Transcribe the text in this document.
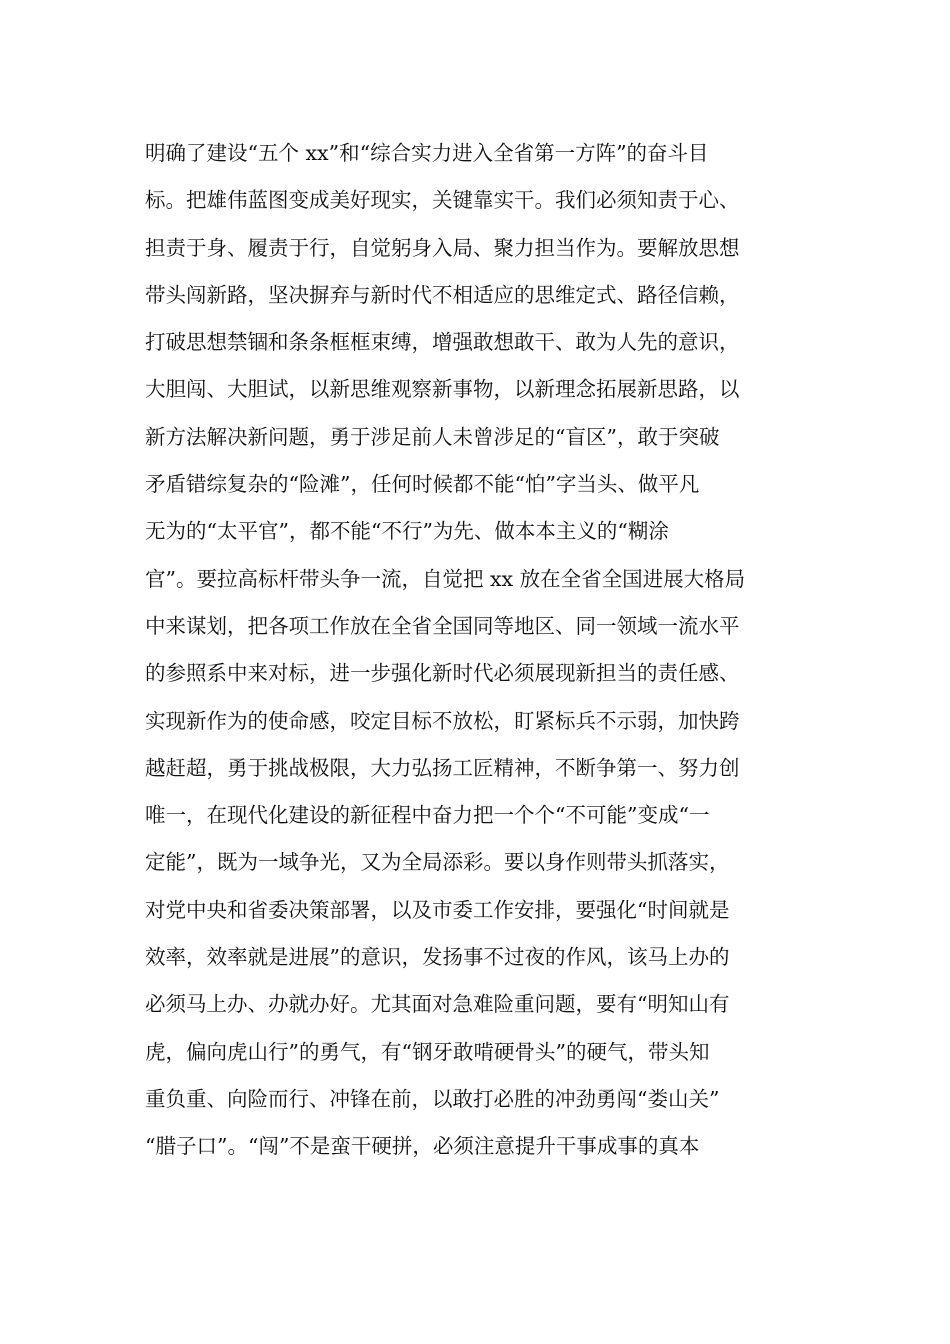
明确了建设“五个 xx”和“综合实力进入全省第一方阵”的奋斗目
标。把雄伟蓝图变成美好现实，关键靠实干。我们必须知责于心、
担责于身、履责于行，自觉躬身入局、聚力担当作为。要解放思想
带头闯新路，坚决摒弃与新时代不相适应的思维定式、路径信赖，
打破思想禁锢和条条框框束缚，增强敢想敢干、敢为人先的意识，
大胆闯、大胆试，以新思维观察新事物，以新理念拓展新思路，以
新方法解决新问题，勇于涉足前人未曾涉足的“盲区”，敢于突破
矛盾错综复杂的“险滩”，任何时候都不能“怕”字当头、做平凡
无为的“太平官”，都不能“不行”为先、做本本主义的“糊涂
官”。要拉高标杆带头争一流，自觉把 xx 放在全省全国进展大格局
中来谋划，把各项工作放在全省全国同等地区、同一领域一流水平
的参照系中来对标，进一步强化新时代必须展现新担当的责任感、
实现新作为的使命感，咬定目标不放松，盯紧标兵不示弱，加快跨
越赶超，勇于挑战极限，大力弘扬工匠精神，不断争第一、努力创
唯一，在现代化建设的新征程中奋力把一个个“不可能”变成“一
定能”，既为一域争光，又为全局添彩。要以身作则带头抓落实，
对党中央和省委决策部署，以及市委工作安排，要强化“时间就是
效率，效率就是进展”的意识，发扬事不过夜的作风，该马上办的
必须马上办、办就办好。尤其面对急难险重问题，要有“明知山有
虎，偏向虎山行”的勇气，有“钢牙敢啃硬骨头”的硬气，带头知
重负重、向险而行、冲锋在前，以敢打必胜的冲劲勇闯“娄山关”
“腊子口”。“闯”不是蛮干硬拼，必须注意提升干事成事的真本
